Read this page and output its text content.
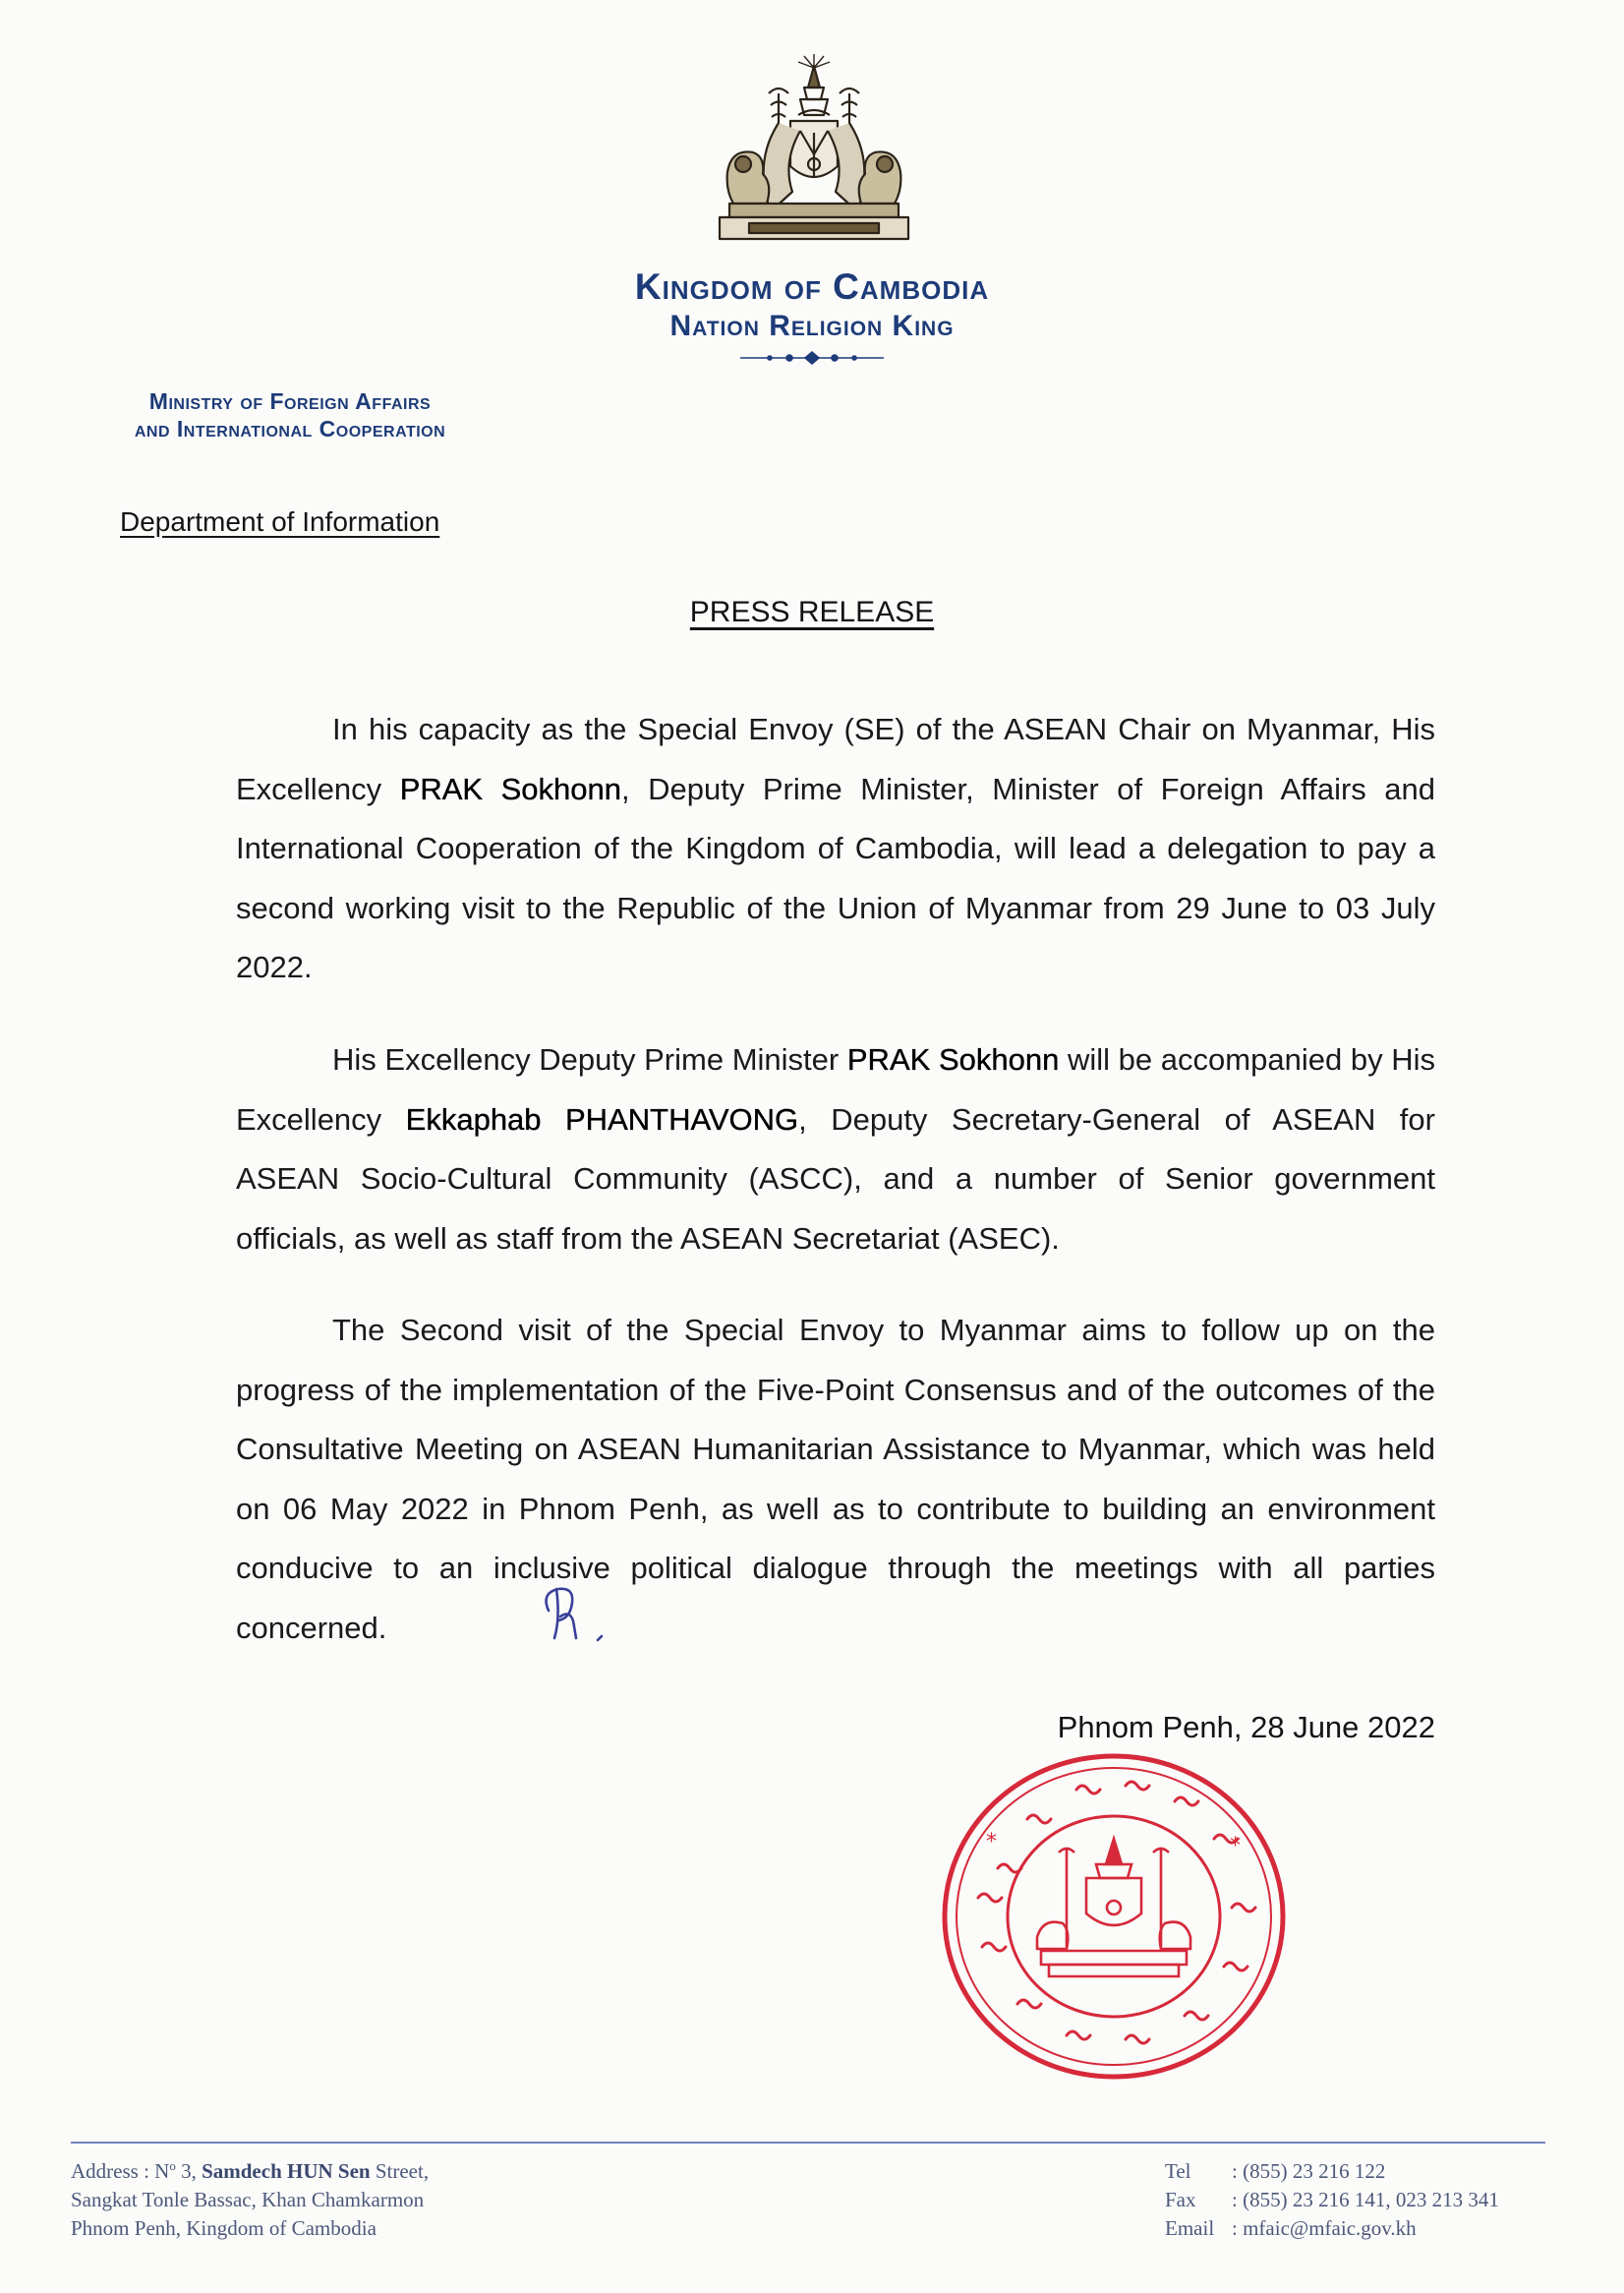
Kingdom of Cambodia
Nation Religion King
Ministry of Foreign Affairs
and International Cooperation
Department of Information
PRESS RELEASE

In his capacity as the Special Envoy (SE) of the ASEAN Chair on Myanmar, His Excellency PRAK Sokhonn, Deputy Prime Minister, Minister of Foreign Affairs and International Cooperation of the Kingdom of Cambodia, will lead a delegation to pay a second working visit to the Republic of the Union of Myanmar from 29 June to 03 July 2022.

His Excellency Deputy Prime Minister PRAK Sokhonn will be accompanied by His Excellency Ekkaphab PHANTHAVONG, Deputy Secretary-General of ASEAN for ASEAN Socio-Cultural Community (ASCC), and a number of Senior government officials, as well as staff from the ASEAN Secretariat (ASEC).

The Second visit of the Special Envoy to Myanmar aims to follow up on the progress of the implementation of the Five-Point Consensus and of the outcomes of the Consultative Meeting on ASEAN Humanitarian Assistance to Myanmar, which was held on 06 May 2022 in Phnom Penh, as well as to contribute to building an environment conducive to an inclusive political dialogue through the meetings with all parties concerned.

Phnom Penh, 28 June 2022
*	*
Address : $N^o$ 3, Samdech HUN Sen Street,
Sangkat Tonle Bassac, Khan Chamkarmon
Phnom Penh, Kingdom of Cambodia
Tel : (855) 23 216 122
Fax : (855) 23 216 141, 023 213 341
Email : mfaic@mfaic.gov.kh
